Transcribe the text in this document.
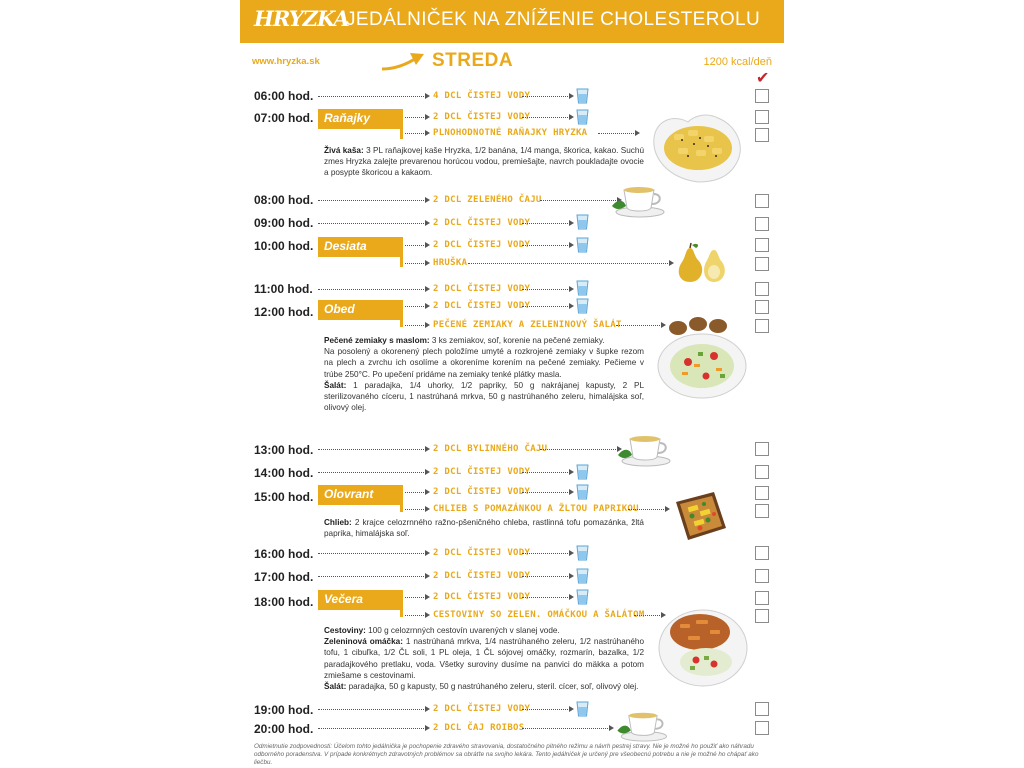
HRYZKA
JEDÁLNIČEK NA ZNÍŽENIE CHOLESTEROLU
www.hryzka.sk	STREDA	1200 kcal/deň
✔
06:00 hod.	4 DCL ČISTEJ VODY
07:00 hod. Raňajky	2 DCL ČISTEJ VODY
PLNOHODNOTNÉ RAŇAJKY HRYZKA
Živá kaša: 3 PL raňajkovej kaše Hryzka, 1/2 banána, 1/4 manga, škorica, kakao. Suchú zmes Hryzka zalejte prevarenou horúcou vodou, premiešajte, navrch poukladajte ovocie a posypte škoricou a kakaom.
08:00 hod.	2 DCL ZELENÉHO ČAJU
09:00 hod.	2 DCL ČISTEJ VODY
10:00 hod. Desiata	2 DCL ČISTEJ VODY
HRUŠKA
11:00 hod.	2 DCL ČISTEJ VODY
12:00 hod. Obed	2 DCL ČISTEJ VODY
PEČENÉ ZEMIAKY A ZELENINOVÝ ŠALÁT
Pečené zemiaky s maslom: 3 ks zemiakov, soľ, korenie na pečené zemiaky.
Na posolený a okorenený plech položíme umyté a rozkrojené zemiaky v šupke rezom na plech a zvrchu ich osolíme a okoreníme korením na pečené zemiaky. Pečieme v trúbe 250°C. Po upečení pridáme na zemiaky tenké plátky masla.
Šalát: 1 paradajka, 1/4 uhorky, 1/2 papriky, 50 g nakrájanej kapusty, 2 PL sterilizovaného cíceru, 1 nastrúhaná mrkva, 50 g nastrúhaného zeleru, himalájska soľ, olivový olej.
13:00 hod.	2 DCL BYLINNÉHO ČAJU
14:00 hod.	2 DCL ČISTEJ VODY
15:00 hod. Olovrant	2 DCL ČISTEJ VODY
CHLIEB S POMAZÁNKOU A ŽLTOU PAPRIKOU
Chlieb: 2 krajce celozrnného ražno-pšeničného chleba, rastlinná tofu pomazánka, žltá paprika, himalájska soľ.
16:00 hod.	2 DCL ČISTEJ VODY
17:00 hod.	2 DCL ČISTEJ VODY
18:00 hod. Večera	2 DCL ČISTEJ VODY
CESTOVINY SO ZELEN. OMÁČKOU A ŠALÁTOM
Cestoviny: 100 g celozrnných cestovín uvarených v slanej vode.
Zeleninová omáčka: 1 nastrúhaná mrkva, 1/4 nastrúhaného zeleru, 1/2 nastrúhaného tofu, 1 cibuľka, 1/2 ČL soli, 1 PL oleja, 1 ČL sójovej omáčky, rozmarín, bazalka, 1/2 paradajkového pretlaku, voda. Všetky suroviny dusíme na panvici do mäkka a potom zmiešame s cestovinami.
Šalát: paradajka, 50 g kapusty, 50 g nastrúhaného zeleru, steril. cícer, soľ, olivový olej.
19:00 hod.	2 DCL ČISTEJ VODY
20:00 hod.	2 DCL ČAJ ROIBOS
Odmietnutie zodpovednosti: Účelom tohto jedálnička je pochopenie zdravého stravovania, dostatočného pitného režimu a návrh pestrej stravy. Nie je možné ho použiť ako náhradu odborného poradenstva. V prípade konkrétnych zdravotných problémov sa obráťte na svojho lekára. Tento jedálniček je určený pre všeobecnú potrebu a nie je možné ho chápať ako liečbu.
